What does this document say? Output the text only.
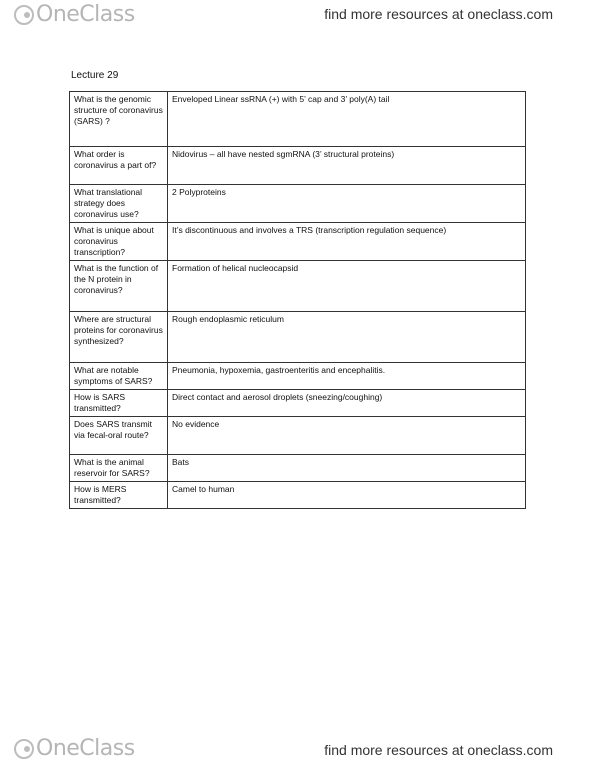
OneClass	find more resources at oneclass.com
Lecture 29
What is the genomic structure of coronavirus (SARS) ?	Enveloped Linear ssRNA (+) with 5’ cap and 3’ poly(A) tail
What order is coronavirus a part of?	Nidovirus – all have nested sgmRNA (3’ structural proteins)
What translational strategy does coronavirus use?	2 Polyproteins
What is unique about coronavirus transcription?	It’s discontinuous and involves a TRS (transcription regulation sequence)
What is the function of the N protein in coronavirus?	Formation of helical nucleocapsid
Where are structural proteins for coronavirus synthesized?	Rough endoplasmic reticulum
What are notable symptoms of SARS?	Pneumonia, hypoxemia, gastroenteritis and encephalitis.
How is SARS transmitted?	Direct contact and aerosol droplets (sneezing/coughing)
Does SARS transmit via fecal-oral route?	No evidence
What is the animal reservoir for SARS?	Bats
How is MERS transmitted?	Camel to human
OneClass	find more resources at oneclass.com
